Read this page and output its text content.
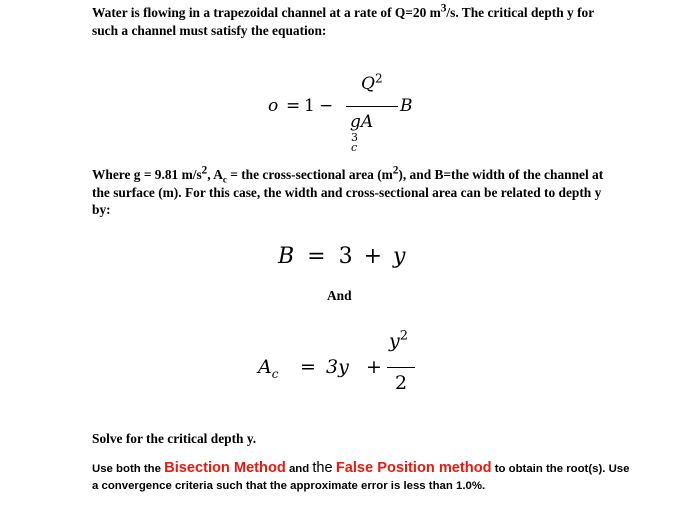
Water is flowing in a trapezoidal channel at a rate of Q=20 $m^3/s$. The critical depth y for such a channel must satisfy the equation:
o = 1 −
$Q^2$
gA
3
c
B
Where g = 9.81 $m/s^2$, $A_c$ = the cross-sectional area $(m^2)$, and B=the width of the channel at the surface (m). For this case, the width and cross-sectional area can be related to depth y by:
B = 3 + y
And
$A_c = 3y$ +
$y^2$
2
Solve for the critical depth y.
Use both the Bisection Method and the False Position method to obtain the root(s). Use a convergence criteria such that the approximate error is less than 1.0%.
